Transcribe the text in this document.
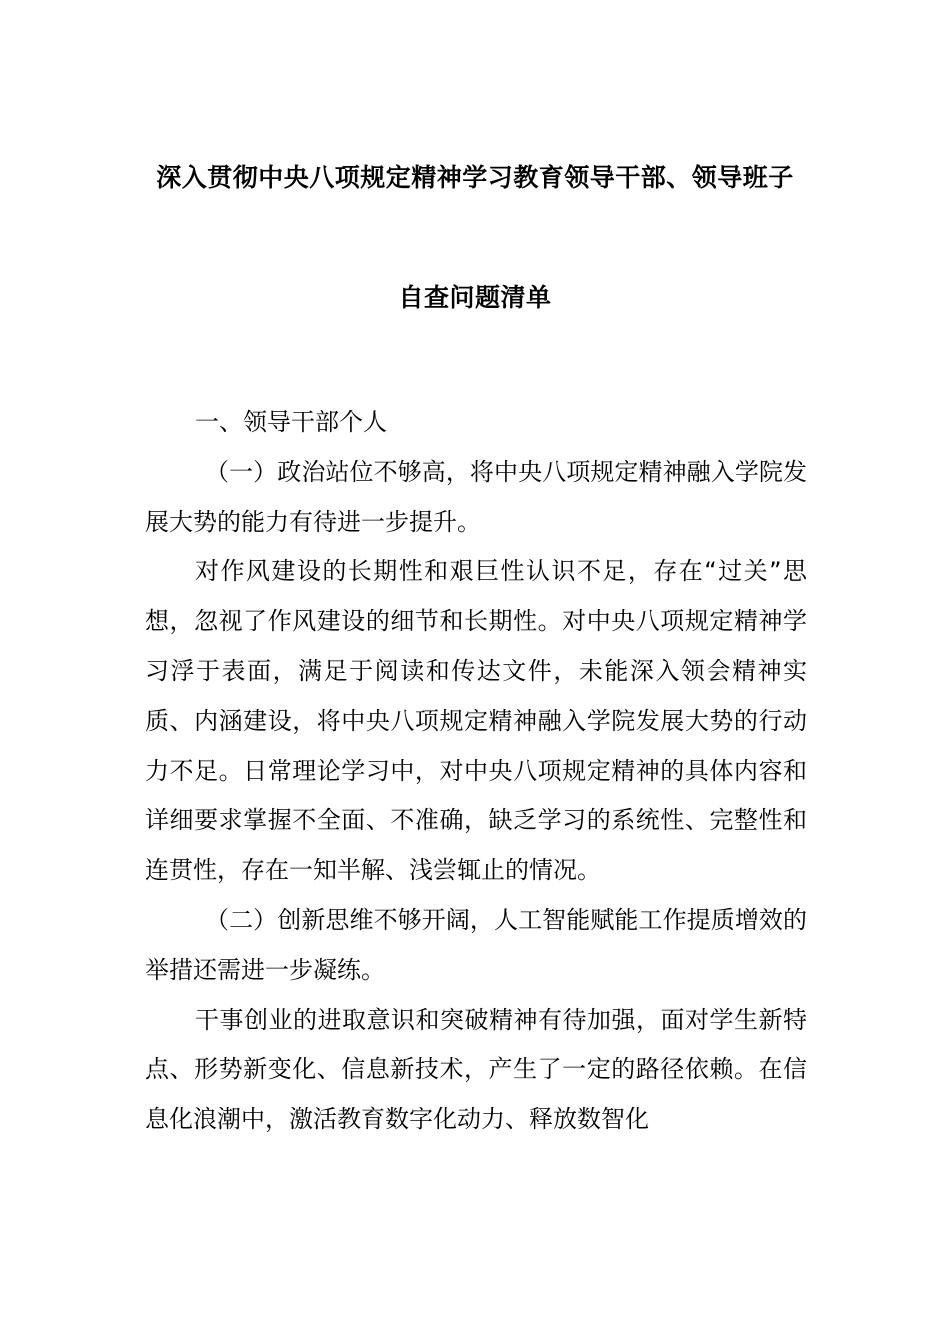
深入贯彻中央八项规定精神学习教育领导干部、领导班子
自查问题清单

一、领导干部个人

（一）政治站位不够高，将中央八项规定精神融入学院发展大势的能力有待进一步提升。

对作风建设的长期性和艰巨性认识不足，存在“过关”思想，忽视了作风建设的细节和长期性。对中央八项规定精神学习浮于表面，满足于阅读和传达文件，未能深入领会精神实质、内涵建设，将中央八项规定精神融入学院发展大势的行动力不足。日常理论学习中，对中央八项规定精神的具体内容和详细要求掌握不全面、不准确，缺乏学习的系统性、完整性和连贯性，存在一知半解、浅尝辄止的情况。

（二）创新思维不够开阔，人工智能赋能工作提质增效的举措还需进一步凝练。

干事创业的进取意识和突破精神有待加强，面对学生新特点、形势新变化、信息新技术，产生了一定的路径依赖。在信息化浪潮中，激活教育数字化动力、释放数智化
